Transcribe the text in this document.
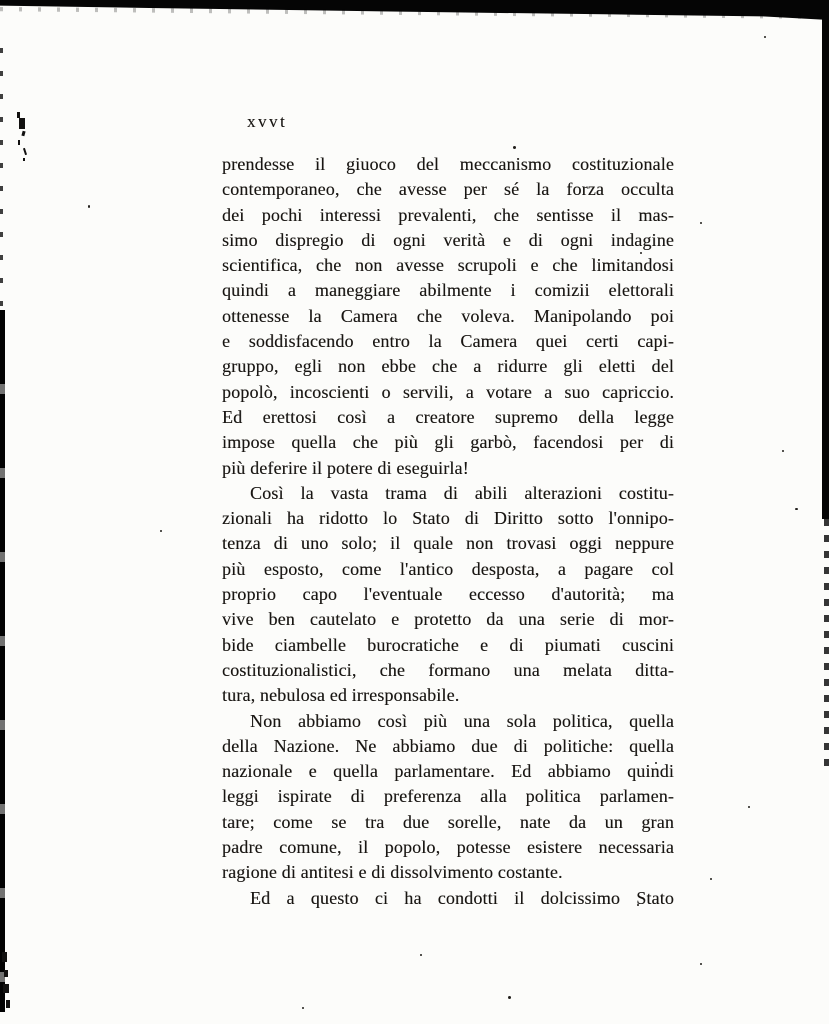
xvvt
prendesse il giuoco del meccanismo costituzionale
contemporaneo, che avesse per sé la forza occulta
dei pochi interessi prevalenti, che sentisse il mas-
simo dispregio di ogni verità e di ogni indagine
scientifica, che non avesse scrupoli e che limitandosi
quindi a maneggiare abilmente i comizii elettorali
ottenesse la Camera che voleva. Manipolando poi
e soddisfacendo entro la Camera quei certi capi-
gruppo, egli non ebbe che a ridurre gli eletti del
popolò, incoscienti o servili, a votare a suo capriccio.
Ed erettosi così a creatore supremo della legge
impose quella che più gli garbò, facendosi per di
più deferire il potere di eseguirla!
Così la vasta trama di abili alterazioni costitu-
zionali ha ridotto lo Stato di Diritto sotto l'onnipo-
tenza di uno solo; il quale non trovasi oggi neppure
più esposto, come l'antico desposta, a pagare col
proprio capo l'eventuale eccesso d'autorità; ma
vive ben cautelato e protetto da una serie di mor-
bide ciambelle burocratiche e di piumati cuscini
costituzionalistici, che formano una melata ditta-
tura, nebulosa ed irresponsabile.
Non abbiamo così più una sola politica, quella
della Nazione. Ne abbiamo due di politiche: quella
nazionale e quella parlamentare. Ed abbiamo quindi
leggi ispirate di preferenza alla politica parlamen-
tare; come se tra due sorelle, nate da un gran
padre comune, il popolo, potesse esistere necessaria
ragione di antitesi e di dissolvimento costante.
Ed a questo ci ha condotti il dolcissimo Stato
